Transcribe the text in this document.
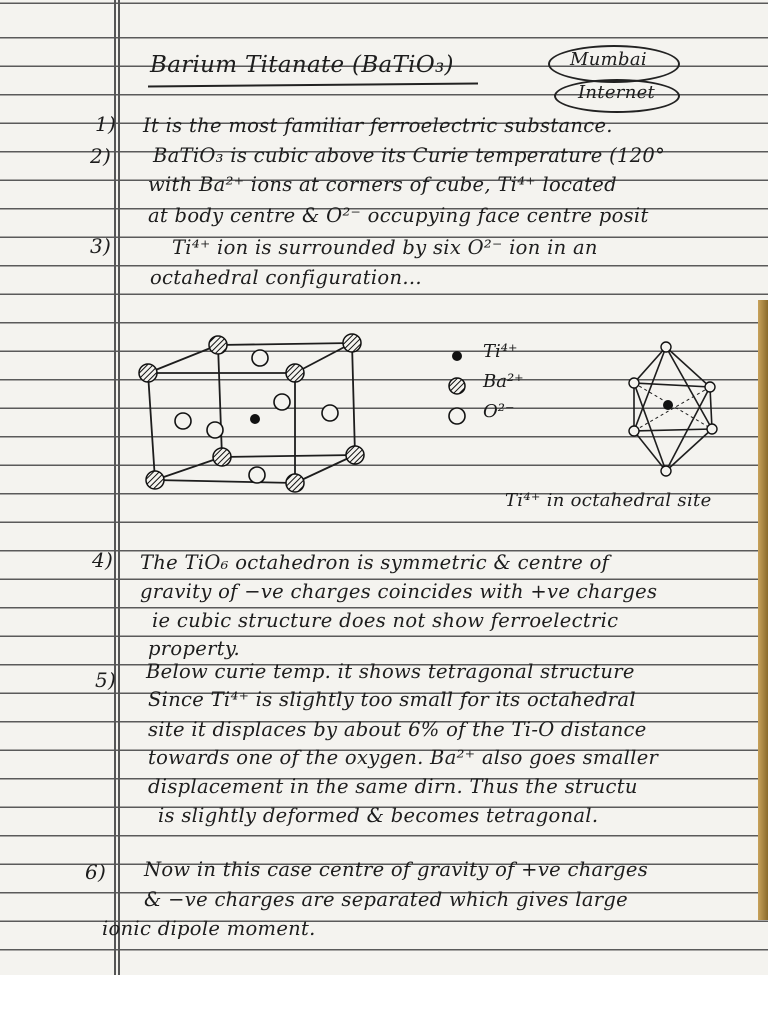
Barium Titanate (BaTiO₃)	Mumbai
Internet
1) It is the most familiar ferroelectric substance.
2) BaTiO₃ is cubic above its Curie temperature (120°
with Ba²⁺ ions at corners of cube, Ti⁴⁺ located
at body centre & O²⁻ occupying face centre posit
3)	Ti⁴⁺ ion is surrounded by six O²⁻ ion in an
octahedral configuration...
Ti⁴⁺
Ba²⁺
O²⁻
Ti⁴⁺ in octahedral site
4) The TiO₆ octahedron is symmetric & centre of
gravity of −ve charges coincides with +ve charges
ie cubic structure does not show ferroelectric
property.
5) Below curie temp. it shows tetragonal structure
Since Ti⁴⁺ is slightly too small for its octahedral
site it displaces by about 6% of the Ti-O distance
towards one of the oxygen. Ba²⁺ also goes smaller
displacement in the same dirn. Thus the structu
is slightly deformed & becomes tetragonal.
6) Now in this case centre of gravity of +ve charges
& −ve charges are separated which gives large
ionic dipole moment.
